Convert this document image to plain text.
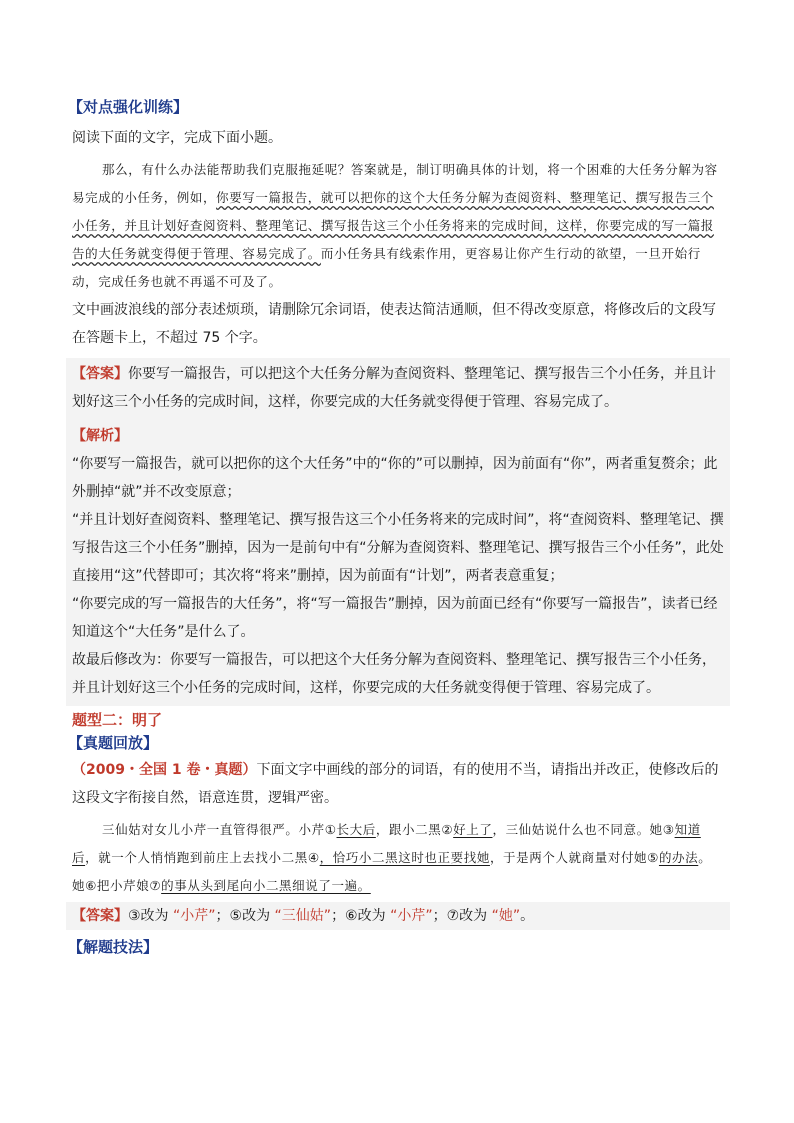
【对点强化训练】

阅读下面的文字，完成下面小题。

那么，有什么办法能帮助我们克服拖延呢？答案就是，制订明确具体的计划，将一个困难的大任务分解为容易完成的小任务，例如，你要写一篇报告，就可以把你的这个大任务分解为查阅资料、整理笔记、撰写报告三个小任务，并且计划好查阅资料、整理笔记、撰写报告这三个小任务将来的完成时间，这样，你要完成的写一篇报告的大任务就变得便于管理、容易完成了。而小任务具有线索作用，更容易让你产生行动的欲望，一旦开始行动，完成任务也就不再遥不可及了。

文中画波浪线的部分表述烦琐，请删除冗余词语，使表达简洁通顺，但不得改变原意，将修改后的文段写在答题卡上，不超过 75 个字。

【答案】你要写一篇报告，可以把这个大任务分解为查阅资料、整理笔记、撰写报告三个小任务，并且计划好这三个小任务的完成时间，这样，你要完成的大任务就变得便于管理、容易完成了。

【解析】

“你要写一篇报告，就可以把你的这个大任务”中的“你的”可以删掉，因为前面有“你”，两者重复赘余；此外删掉“就”并不改变原意；

“并且计划好查阅资料、整理笔记、撰写报告这三个小任务将来的完成时间”，将“查阅资料、整理笔记、撰写报告这三个小任务”删掉，因为一是前句中有“分解为查阅资料、整理笔记、撰写报告三个小任务”，此处直接用“这”代替即可；其次将“将来”删掉，因为前面有“计划”，两者表意重复；

“你要完成的写一篇报告的大任务”，将“写一篇报告”删掉，因为前面已经有“你要写一篇报告”，读者已经知道这个“大任务”是什么了。

故最后修改为：你要写一篇报告，可以把这个大任务分解为查阅资料、整理笔记、撰写报告三个小任务，并且计划好这三个小任务的完成时间，这样，你要完成的大任务就变得便于管理、容易完成了。

题型二：明了
【真题回放】

（2009・全国 1 卷・真题）下面文字中画线的部分的词语，有的使用不当，请指出并改正，使修改后的这段文字衔接自然，语意连贯，逻辑严密。

三仙姑对女儿小芹一直管得很严。小芹①长大后，跟小二黑②好上了，三仙姑说什么也不同意。她③知道后，就一个人悄悄跑到前庄上去找小二黑④，恰巧小二黑这时也正要找她，于是两个人就商量对付她⑤的办法。她⑥把小芹娘⑦的事从头到尾向小二黑细说了一遍。

【答案】③改为 “小芹”；⑤改为 “三仙姑”；⑥改为 “小芹”；⑦改为 “她”。
【解题技法】
